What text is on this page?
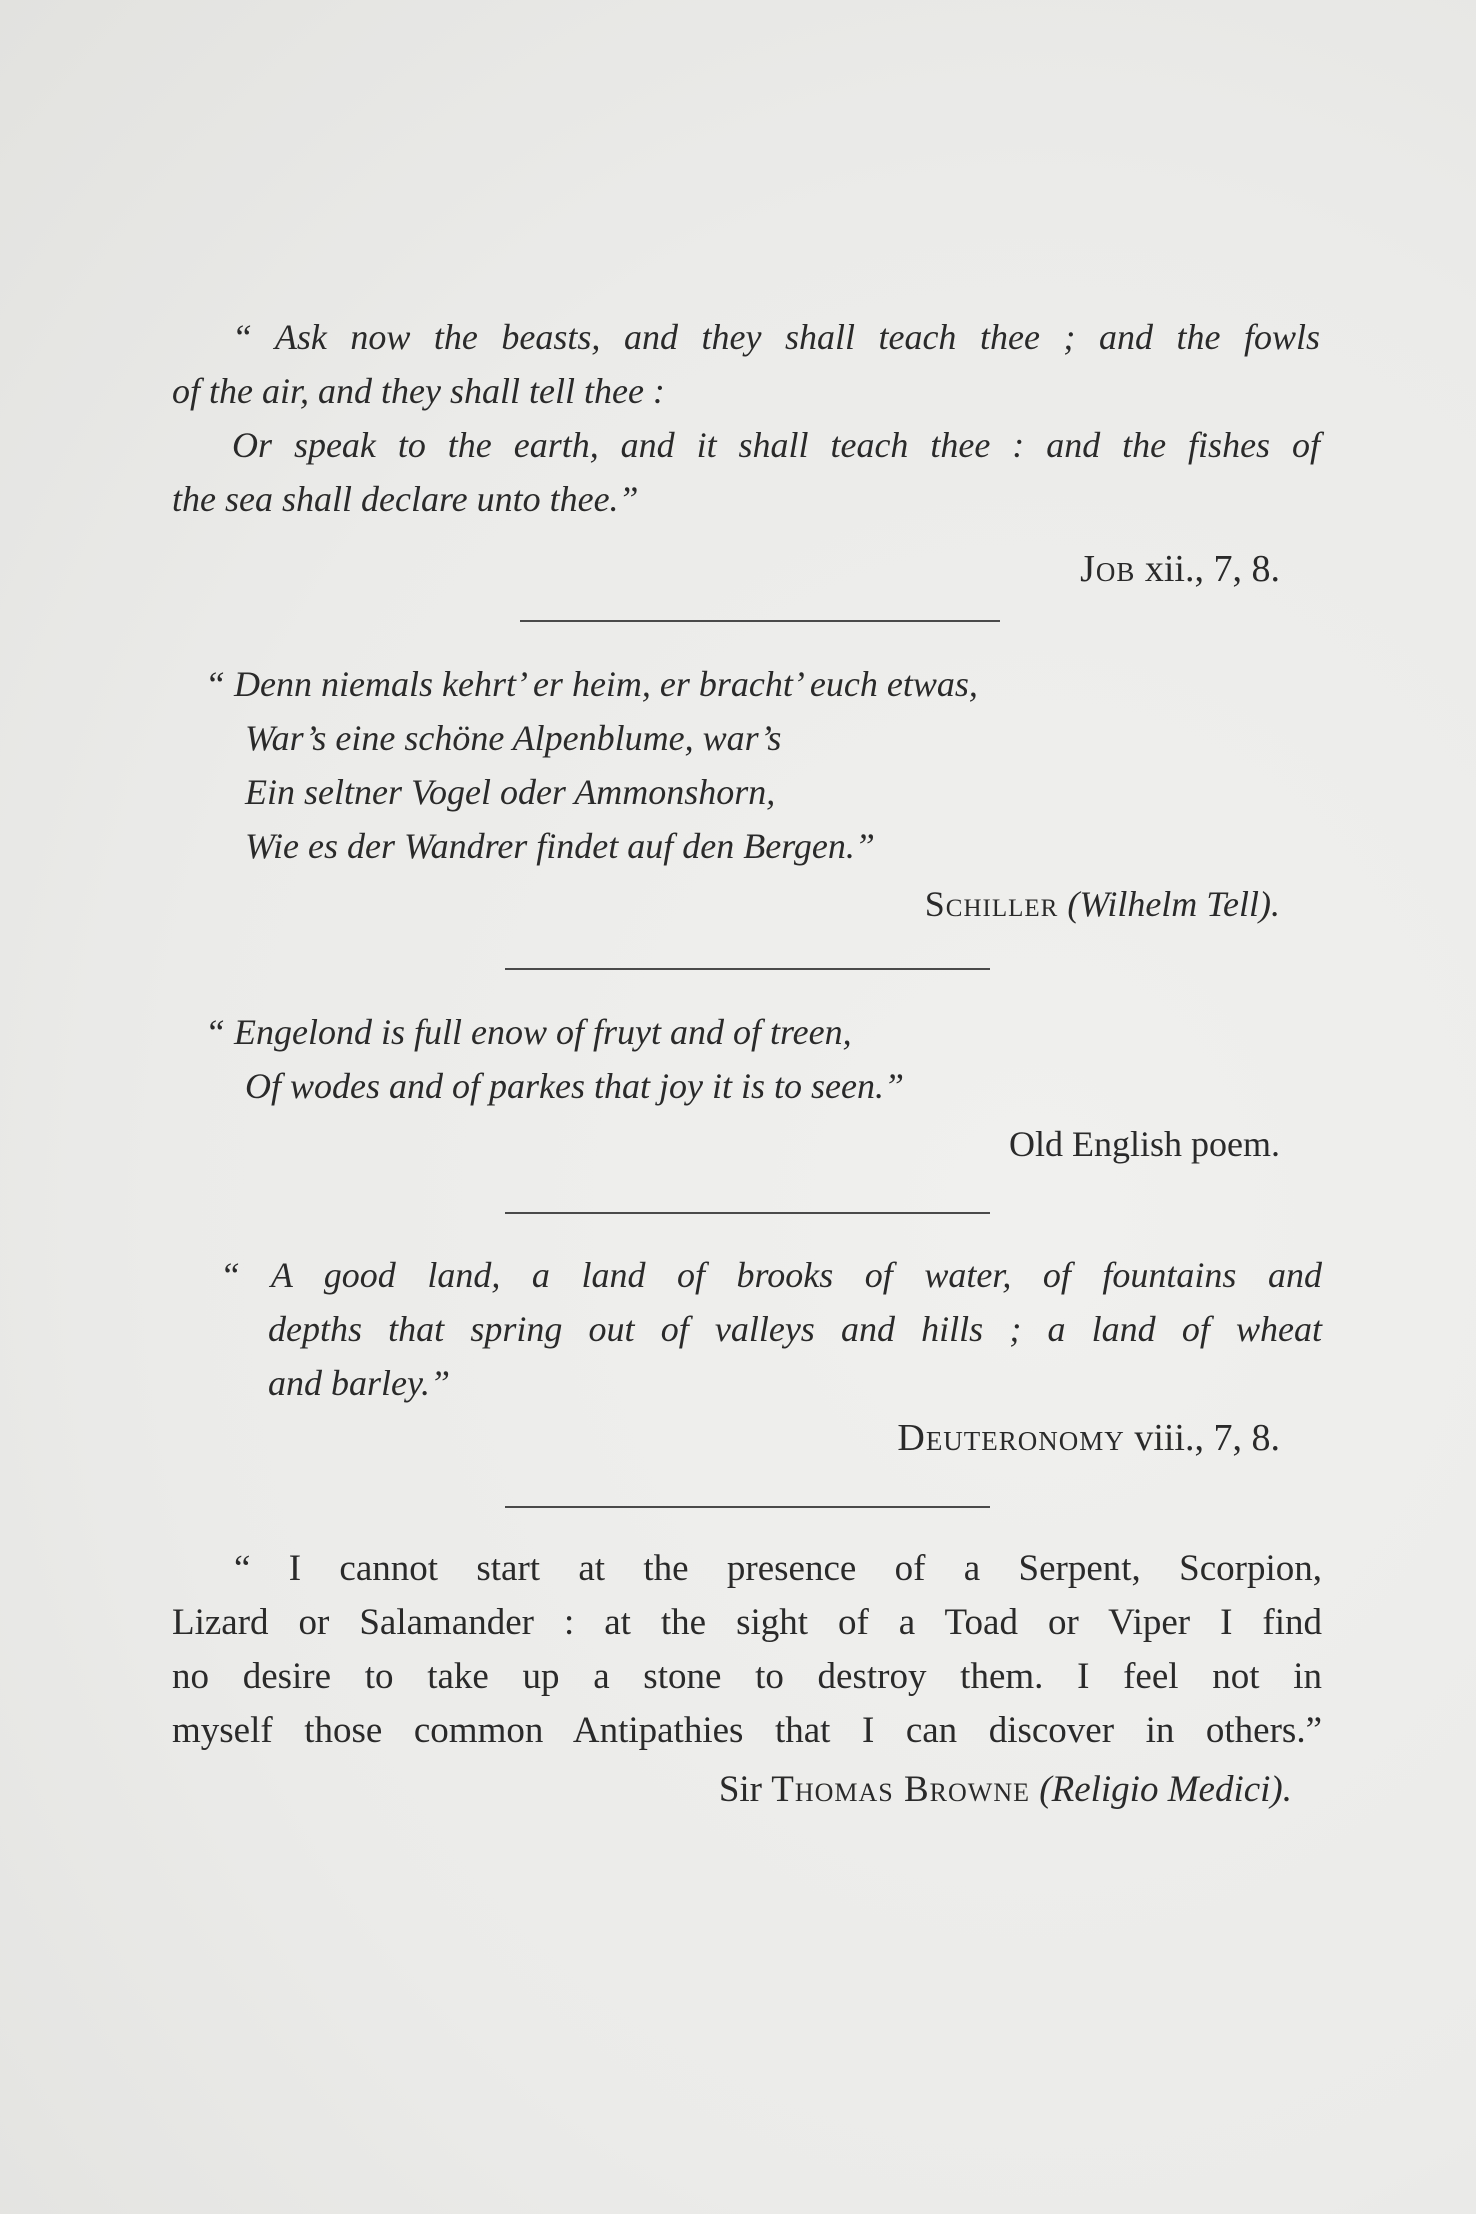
“ Ask now the beasts, and they shall teach thee ; and the fowls
of the air, and they shall tell thee :
Or speak to the earth, and it shall teach thee : and the fishes of
the sea shall declare unto thee.”
Job xii., 7, 8.
“ Denn niemals kehrt’ er heim, er bracht’ euch etwas,
War’s eine schöne Alpenblume, war’s
Ein seltner Vogel oder Ammonshorn,
Wie es der Wandrer findet auf den Bergen.”
Schiller (Wilhelm Tell).
“ Engelond is full enow of fruyt and of treen,
Of wodes and of parkes that joy it is to seen.”
Old English poem.
“ A good land, a land of brooks of water, of fountains and
depths that spring out of valleys and hills ; a land of wheat
and barley.”
Deuteronomy viii., 7, 8.
“ I cannot start at the presence of a Serpent, Scorpion,
Lizard or Salamander : at the sight of a Toad or Viper I find
no desire to take up a stone to destroy them. I feel not in
myself those common Antipathies that I can discover in others.”
Sir Thomas Browne (Religio Medici).
